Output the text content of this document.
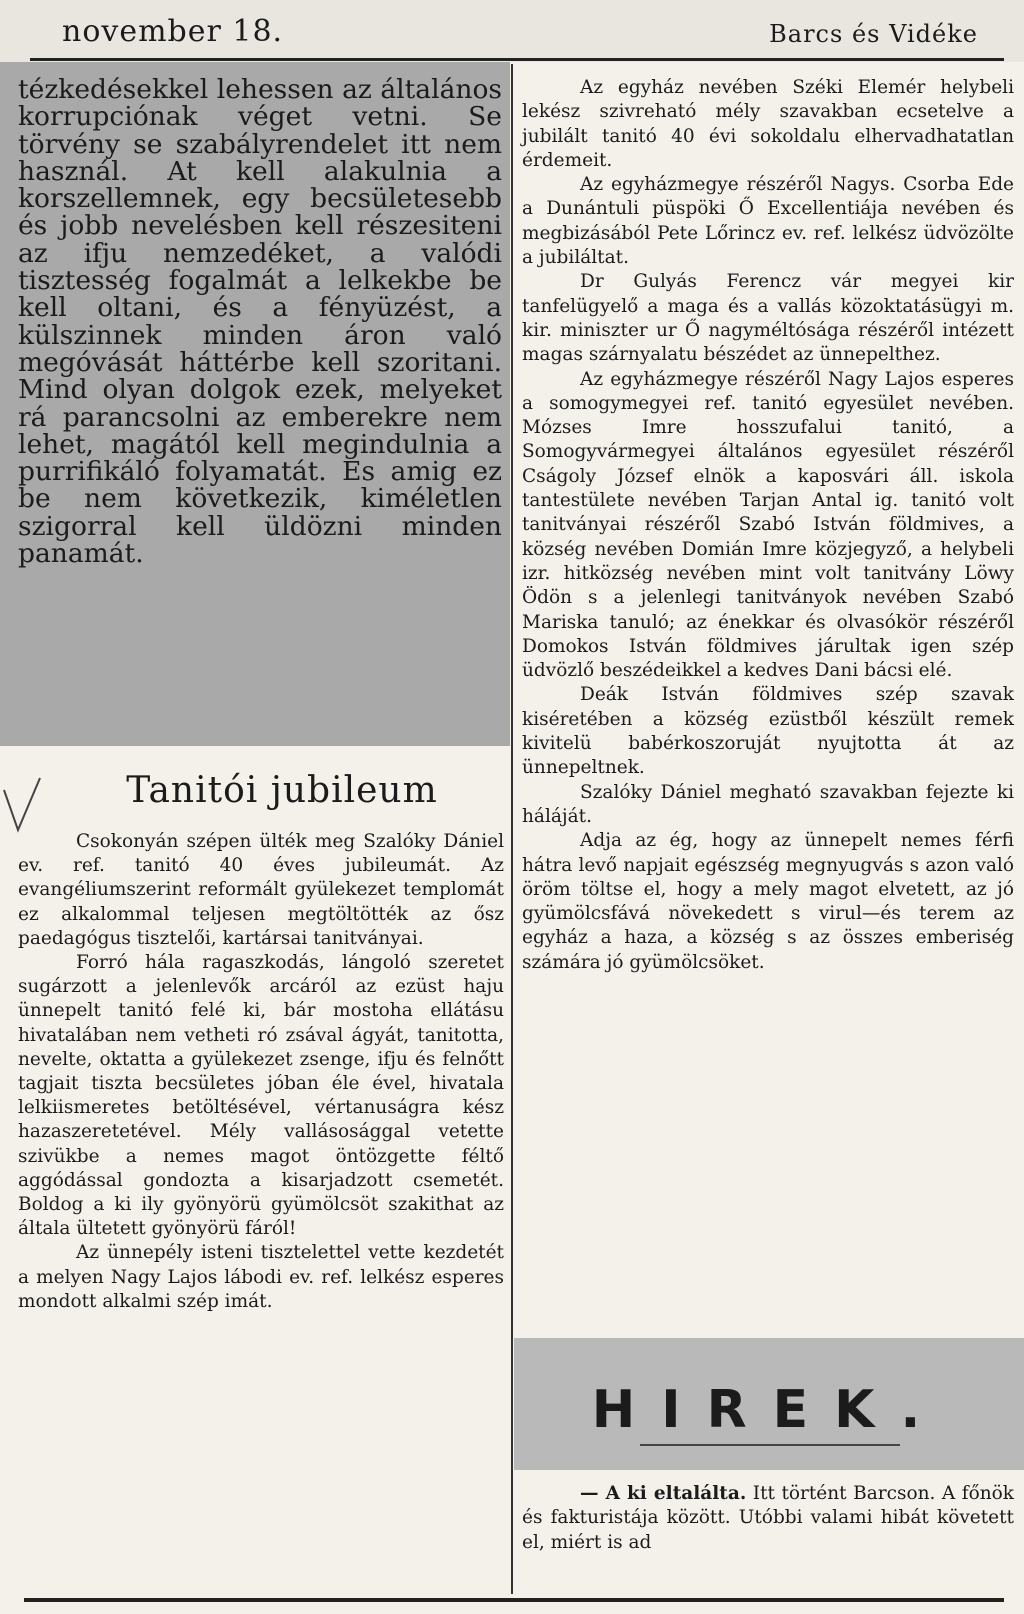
november 18.	Barcs és Vidéke

tézkedésekkel lehessen az általános korrupciónak véget vetni. Se törvény se szabályrendelet itt nem használ. At kell alakulnia a korszellemnek, egy becsületesebb és jobb nevelésben kell részesiteni az ifju nemzedéket, a valódi tisztesség fogalmát a lelkekbe be kell oltani, és a fényüzést, a külszinnek minden áron való megóvását háttérbe kell szoritani. Mind olyan dolgok ezek, melyeket rá parancsolni az emberekre nem lehet, magától kell megindulnia a purrifikáló folyamatát. Es amig ez be nem következik, kiméletlen szigorral kell üldözni minden panamát.

Tanitói jubileum

Csokonyán szépen ülték meg Szalóky Dániel ev. ref. tanitó 40 éves jubileumát. Az evangéliumszerint reformált gyülekezet templomát ez alkalommal teljesen megtöltötték az ősz paedagógus tisztelői, kartársai tanitványai.

Forró hála ragaszkodás, lángoló szeretet sugárzott a jelenlevők arcáról az ezüst haju ünnepelt tanitó felé ki, bár mostoha ellátásu hivatalában nem vetheti ró zsával ágyát, tanitotta, nevelte, oktatta a gyülekezet zsenge, ifju és felnőtt tagjait tiszta becsületes jóban éle ével, hivatala lelkiismeretes betöltésével, vértanuságra kész hazaszeretetével. Mély vallásosággal vetette szivükbe a nemes magot öntözgette féltő aggódással gondozta a kisarjadzott csemetét. Boldog a ki ily gyönyörü gyümölcsöt szakithat az általa ültetett gyönyörü fáról!

Az ünnepély isteni tisztelettel vette kezdetét a melyen Nagy Lajos lábodi ev. ref. lelkész esperes mondott alkalmi szép imát.

Az egyház nevében Széki Elemér helybeli lekész szivreható mély szavakban ecsetelve a jubilált tanitó 40 évi sokoldalu elhervadhatatlan érdemeit.

Az egyházmegye részéről Nagys. Csorba Ede a Dunántuli püspöki Ő Excellentiája nevében és megbizásából Pete Lőrincz ev. ref. lelkész üdvözölte a jubiláltat.

Dr Gulyás Ferencz vár megyei kir tanfelügyelő a maga és a vallás közoktatásügyi m. kir. miniszter ur Ő nagyméltósága részéről intézett magas szárnyalatu bészédet az ünnepelthez.

Az egyházmegye részéről Nagy Lajos esperes a somogymegyei ref. tanitó egyesület nevében. Mózses Imre hosszufalui tanitó, a Somogyvármegyei általános egyesület részéről Cságoly József elnök a kaposvári áll. iskola tantestülete nevében Tarjan Antal ig. tanitó volt tanitványai részéről Szabó István földmives, a község nevében Domián Imre közjegyző, a helybeli izr. hitközség nevében mint volt tanitvány Löwy Ödön s a jelenlegi tanitványok nevében Szabó Mariska tanuló; az énekkar és olvasókör részéről Domokos István földmives járultak igen szép üdvözlő beszédeikkel a kedves Dani bácsi elé.

Deák István földmives szép szavak kiséretében a község ezüstből készült remek kivitelü babérkoszoruját nyujtotta át az ünnepeltnek.

Szalóky Dániel megható szavakban fejezte ki háláját.

Adja az ég, hogy az ünnepelt nemes férfi hátra levő napjait egészség megnyugvás s azon való öröm töltse el, hogy a mely magot elvetett, az jó gyümölcsfává növekedett s virul—és terem az egyház a haza, a község s az összes emberiség számára jó gyümölcsöket.

HIREK.

— A ki eltalálta. Itt történt Barcson. A főnök és fakturistája között. Utóbbi valami hibát követett el, miért is ad
